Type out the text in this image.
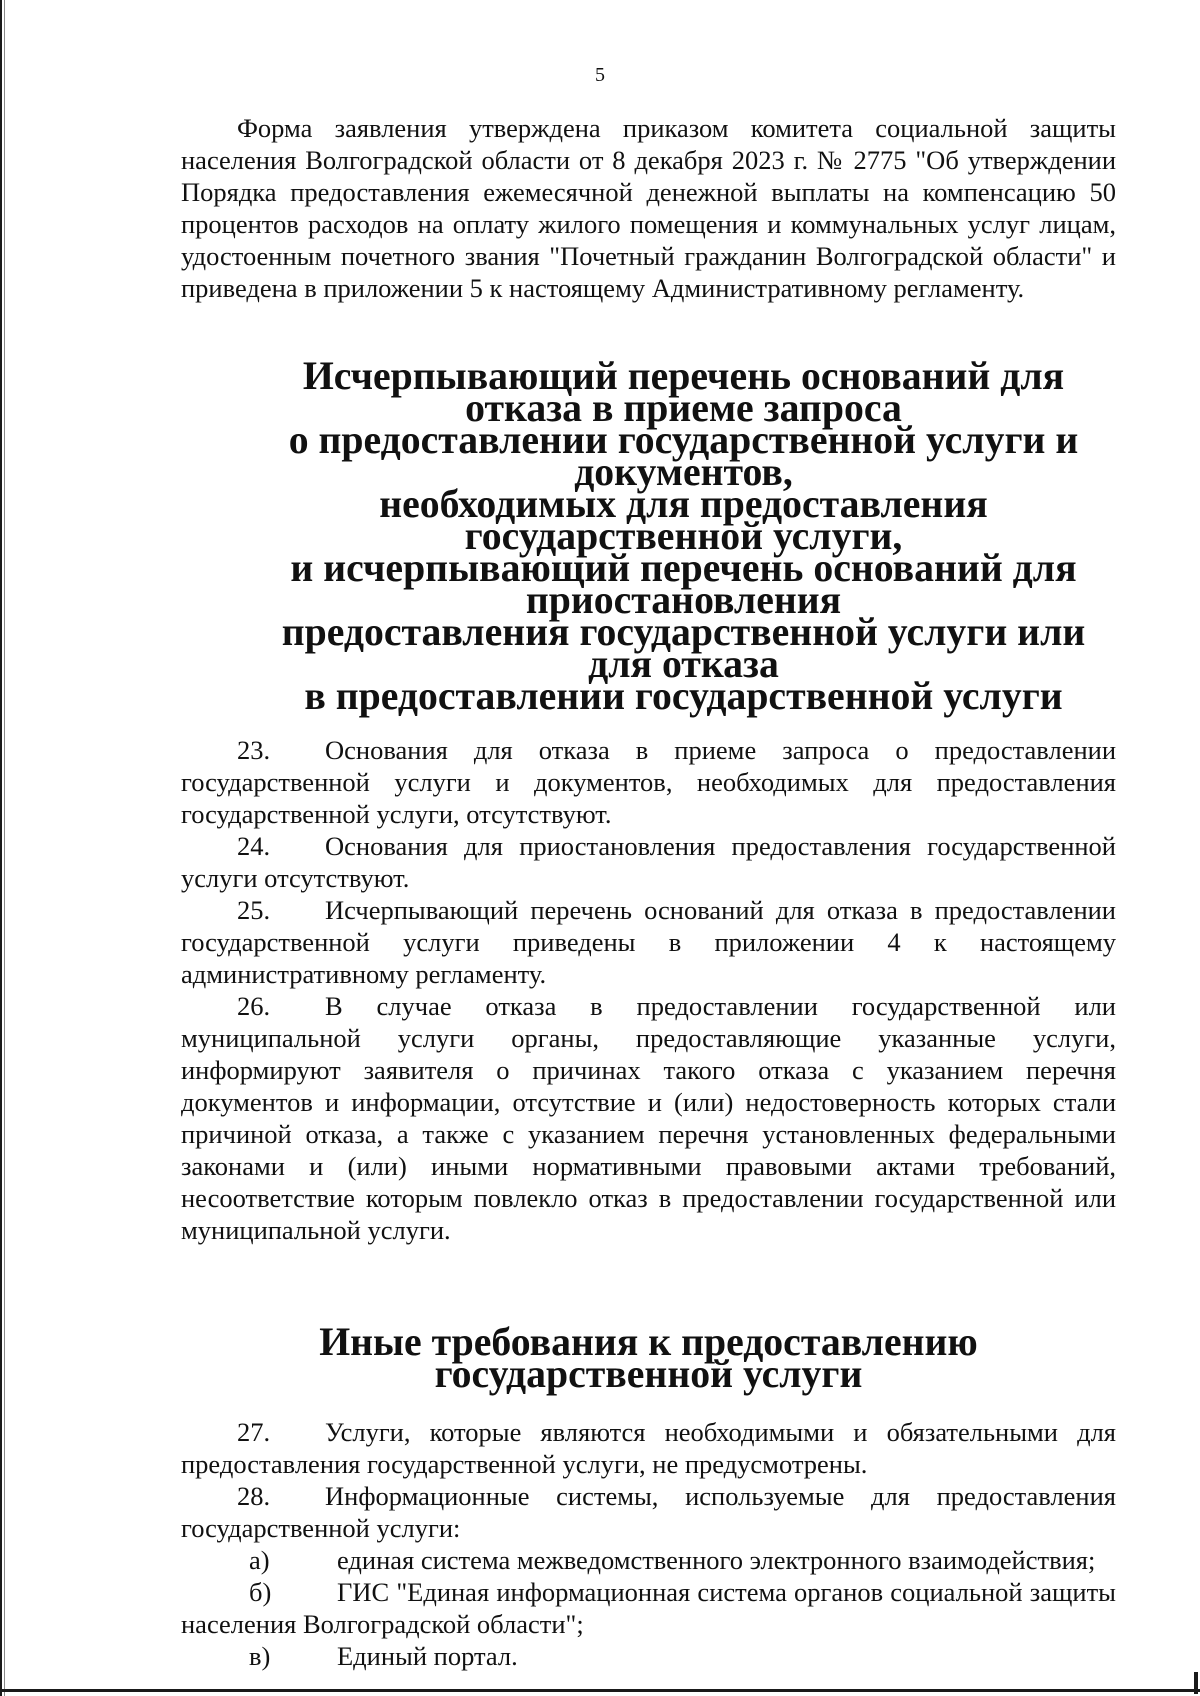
5

Форма заявления утверждена приказом комитета социальной защиты населения Волгоградской области от 8 декабря 2023 г. № 2775 "Об утверждении Порядка предоставления ежемесячной денежной выплаты на компенсацию 50 процентов расходов на оплату жилого помещения и коммунальных услуг лицам, удостоенным почетного звания "Почетный гражданин Волгоградской области" и приведена в приложении 5 к настоящему Административному регламенту.

Исчерпывающий перечень оснований для отказа в приеме запроса
о предоставлении государственной услуги и документов,
необходимых для предоставления государственной услуги,
и исчерпывающий перечень оснований для приостановления
предоставления государственной услуги или для отказа
в предоставлении государственной услуги

23. Основания для отказа в приеме запроса о предоставлении государственной услуги и документов, необходимых для предоставления государственной услуги, отсутствуют.

24. Основания для приостановления предоставления государственной услуги отсутствуют.

25. Исчерпывающий перечень оснований для отказа в предоставлении государственной услуги приведены в приложении 4 к настоящему административному регламенту.

26. В случае отказа в предоставлении государственной или муниципальной услуги органы, предоставляющие указанные услуги, информируют заявителя о причинах такого отказа с указанием перечня документов и информации, отсутствие и (или) недостоверность которых стали причиной отказа, а также с указанием перечня установленных федеральными законами и (или) иными нормативными правовыми актами требований, несоответствие которым повлекло отказ в предоставлении государственной или муниципальной услуги.

Иные требования к предоставлению государственной услуги

27. Услуги, которые являются необходимыми и обязательными для предоставления государственной услуги, не предусмотрены.

28. Информационные системы, используемые для предоставления государственной услуги:

а)	единая система межведомственного электронного взаимодействия;

б) ГИС "Единая информационная система органов социальной защиты населения Волгоградской области";

в)	Единый портал.
